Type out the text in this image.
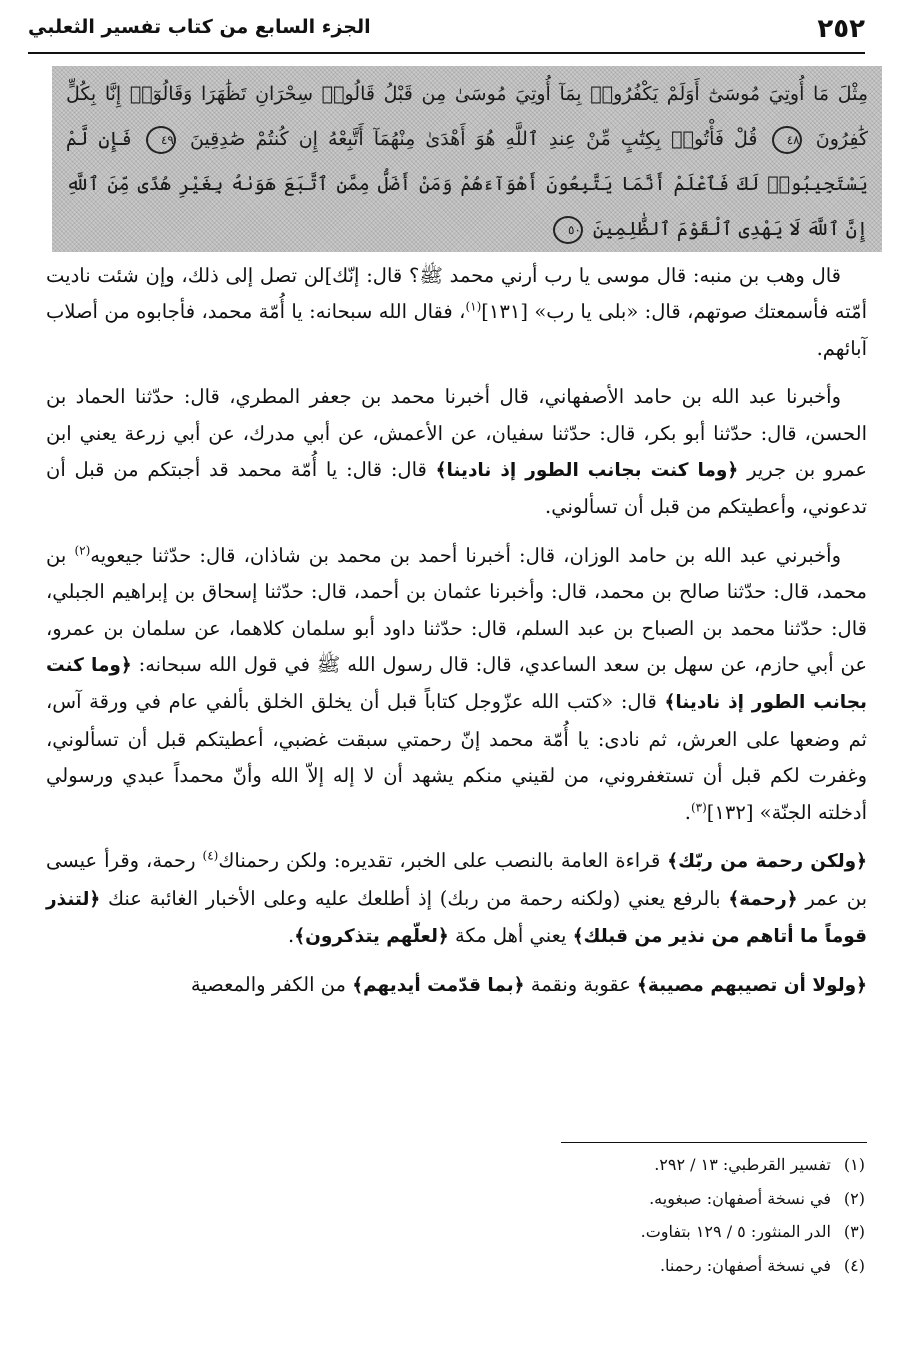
٢٥٢
الجزء السابع من كتاب تفسير الثعلبي
مِثْلَ مَا أُوتِيَ مُوسَىٰٓ أَوَلَمْ يَكْفُرُوا۟ بِمَآ أُوتِيَ مُوسَىٰ مِن قَبْلُ قَالُوا۟ سِحْرَانِ تَظَٰهَرَا وَقَالُوٓا۟ إِنَّا بِكُلٍّ كَٰفِرُونَ ٤٨ قُلْ فَأْتُوا۟ بِكِتَٰبٍ مِّنْ عِندِ ٱللَّهِ هُوَ أَهْدَىٰ مِنْهُمَآ أَتَّبِعْهُ إِن كُنتُمْ صَٰدِقِينَ ٤٩ فَإِن لَّمْ يَسْتَجِيبُوا۟ لَكَ فَٱعْلَمْ أَنَّمَا يَتَّبِعُونَ أَهْوَآءَهُمْ وَمَنْ أَضَلُّ مِمَّنِ ٱتَّبَعَ هَوَىٰهُ بِغَيْرِ هُدًى مِّنَ ٱللَّهِ إِنَّ ٱللَّهَ لَا يَهْدِى ٱلْقَوْمَ ٱلظَّٰلِمِينَ ٥٠

قال وهب بن منبه: قال موسى يا رب أرني محمد ﷺ؟ قال: إنّك]لن تصل إلى ذلك، وإن شئت ناديت أمّته فأسمعتك صوتهم، قال: «بلى يا رب» [١٣١]$^{(١)}$، فقال الله سبحانه: يا أُمّة محمد، فأجابوه من أصلاب آبائهم.

وأخبرنا عبد الله بن حامد الأصفهاني، قال أخبرنا محمد بن جعفر المطري، قال: حدّثنا الحماد بن الحسن، قال: حدّثنا أبو بكر، قال: حدّثنا سفيان، عن الأعمش، عن أبي مدرك، عن أبي زرعة يعني ابن عمرو بن جرير ﴿وما كنت بجانب الطور إذ نادينا﴾ قال: قال: يا أُمّة محمد قد أجبتكم من قبل أن تدعوني، وأعطيتكم من قبل أن تسألوني.

وأخبرني عبد الله بن حامد الوزان، قال: أخبرنا أحمد بن محمد بن شاذان، قال: حدّثنا جيعويه$^{(٢)}$ بن محمد، قال: حدّثنا صالح بن محمد، قال: وأخبرنا عثمان بن أحمد، قال: حدّثنا إسحاق بن إبراهيم الجبلي، قال: حدّثنا محمد بن الصباح بن عبد السلم، قال: حدّثنا داود أبو سلمان كلاهما، عن سلمان بن عمرو، عن أبي حازم، عن سهل بن سعد الساعدي، قال: قال رسول الله ﷺ في قول الله سبحانه: ﴿وما كنت بجانب الطور إذ نادينا﴾ قال: «كتب الله عزّوجل كتاباً قبل أن يخلق الخلق بألفي عام في ورقة آس، ثم وضعها على العرش، ثم نادى: يا أُمّة محمد إنّ رحمتي سبقت غضبي، أعطيتكم قبل أن تسألوني، وغفرت لكم قبل أن تستغفروني، من لقيني منكم يشهد أن لا إله إلاّ الله وأنّ محمداً عبدي ورسولي أدخلته الجنّة» [١٣٢]$^{(٣)}$.

﴿ولكن رحمة من ربّك﴾ قراءة العامة بالنصب على الخبر، تقديره: ولكن رحمناك$^{(٤)}$ رحمة، وقرأ عيسى بن عمر ﴿رحمة﴾ بالرفع يعني (ولكنه رحمة من ربك) إذ أطلعك عليه وعلى الأخبار الغائبة عنك ﴿لتنذر قوماً ما أتاهم من نذير من قبلك﴾ يعني أهل مكة ﴿لعلّهم يتذكرون﴾.

﴿ولولا أن تصيبهم مصيبة﴾ عقوبة ونقمة ﴿بما قدّمت أيديهم﴾ من الكفر والمعصية

(١)تفسير القرطبي: ١٣ / ٢٩٢.
(٢)في نسخة أصفهان: صبغويه.
(٣)الدر المنثور: ٥ / ١٢٩ بتفاوت.
(٤)في نسخة أصفهان: رحمنا.
